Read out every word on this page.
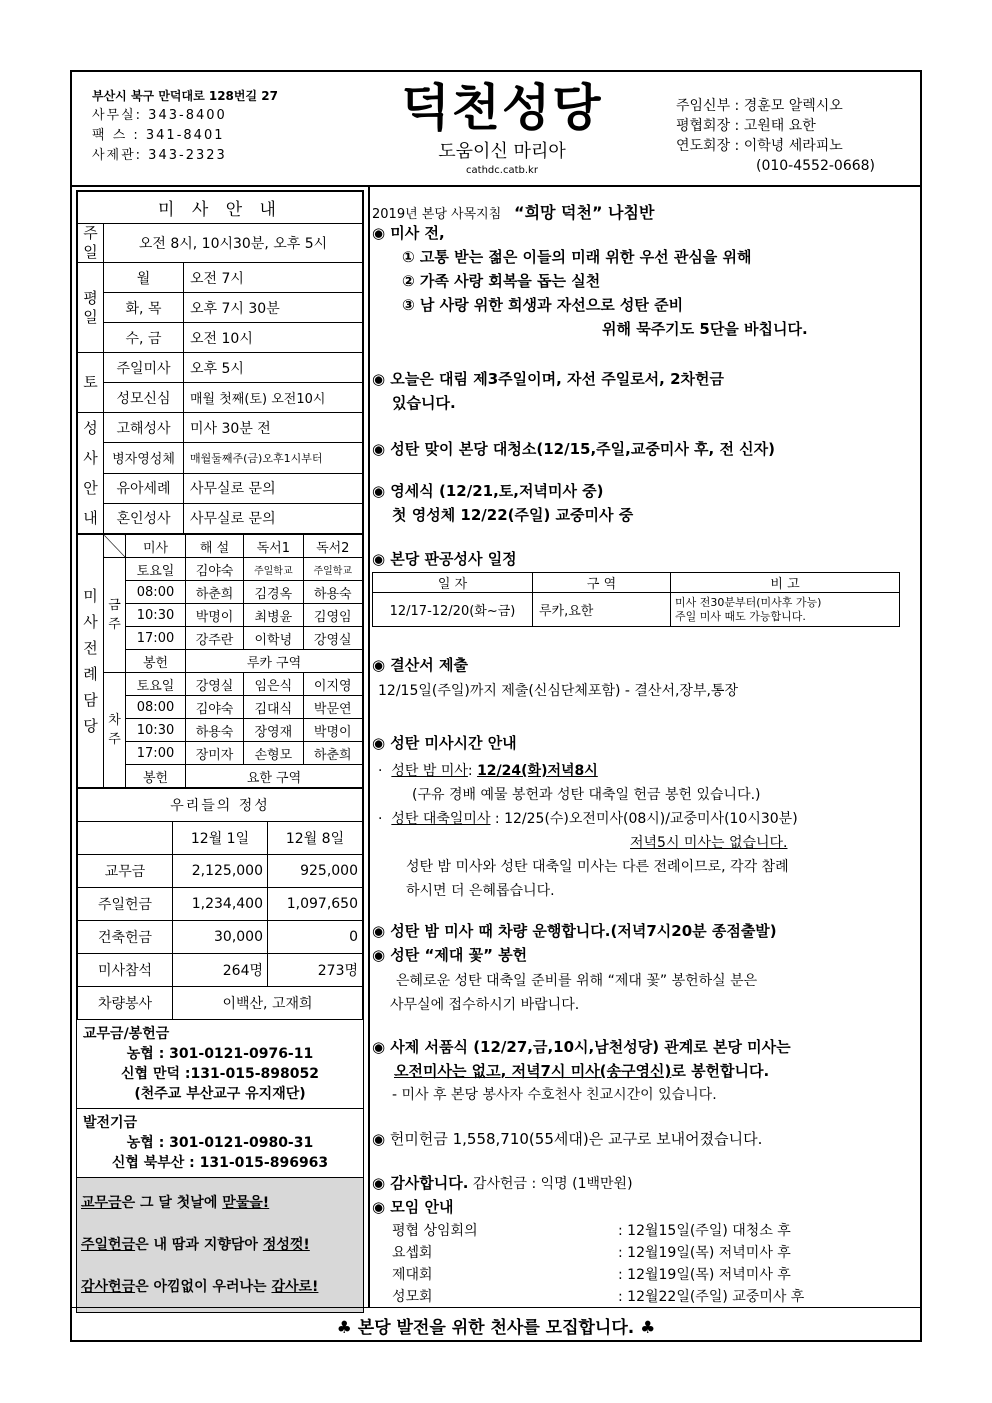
부산시 북구 만덕대로 128번길 27
사무실: 343-8400
팩 스 : 341-8401
사제관: 343-2323
덕천성당
도움이신 마리아
cathdc.catb.kr
주임신부 : 경훈모 알렉시오
평협회장 : 고원태 요한
연도회장 : 이학녕 세라피노
(010-4552-0668)
미 사 안 내		
주일	오전 8시, 10시30분, 오후 5시	
평일	월	오전 7시
	화, 목	오후 7시 30분
	수, 금	오전 10시
토	주일미사	오후 5시
	성모신심	매월 첫째(토) 오전10시
성사안내	고해성사	미사 30분 전
	병자영성체	매월둘째주(금)오후1시부터
	유아세례	사무실로 문의
	혼인성사	사무실로 문의
미사전례담당		미사	해 설	독서1	독서2
	금주	토요일	김야숙	주일학교	주일학교
		08:00	하춘희	김경옥	하용숙
		10:30	박명이	최병윤	김영임
		17:00	강주란	이학녕	강영실
		봉헌	루카 구역		
	차주	토요일	강영실	임은식	이지영
		08:00	김야숙	김대식	박문연
		10:30	하용숙	장영재	박명이
		17:00	장미자	손형모	하춘희
		봉헌	요한 구역		
우리들의 정성		
	12월 1일	12월 8일
교무금	2,125,000	925,000
주일헌금	1,234,400	1,097,650
건축헌금	30,000	0
미사참석	264명	273명
차량봉사	이백산, 고재희	
교무금/봉헌금
농협 : 301-0121-0976-11
신협 만덕 :131-015-898052
(천주교 부산교구 유지재단)
발전기금
농협 : 301-0121-0980-31
신협 북부산 : 131-015-896963
교무금은 그 달 첫날에 맏물을!
주일헌금은 내 땀과 지향담아 정성껏!
감사헌금은 아낌없이 우러나는 감사로!
2019년 본당 사목지침 “희망 덕천” 나침반
◉ 미사 전,
① 고통 받는 젊은 이들의 미래 위한 우선 관심을 위해
② 가족 사랑 회복을 돕는 실천
③ 남 사랑 위한 희생과 자선으로 성탄 준비
위해 묵주기도 5단을 바칩니다.
◉ 오늘은 대림 제3주일이며, 자선 주일로서, 2차헌금
있습니다.
◉ 성탄 맞이 본당 대청소(12/15,주일,교중미사 후, 전 신자)
◉ 영세식 (12/21,토,저녁미사 중)
첫 영성체 12/22(주일) 교중미사 중
◉ 본당 판공성사 일정
일 자	구 역	비 고
12/17-12/20(화~금)	루카,요한	미사 전30분부터(미사후 가능)
주일 미사 때도 가능합니다.
◉ 결산서 제출
12/15일(주일)까지 제출(신심단체포함) - 결산서,장부,통장
◉ 성탄 미사시간 안내
·  성탄 밤 미사: 12/24(화)저녁8시
(구유 경배 예물 봉헌과 성탄 대축일 헌금 봉헌 있습니다.)
·  성탄 대축일미사 : 12/25(수)오전미사(08시)/교중미사(10시30분)
저녁5시 미사는 없습니다.
성탄 밤 미사와 성탄 대축일 미사는 다른 전례이므로, 각각 참례
하시면 더 은혜롭습니다.
◉ 성탄 밤 미사 때 차량 운행합니다.(저녁7시20분 종점출발)
◉ 성탄 “제대 꽃” 봉헌
은혜로운 성탄 대축일 준비를 위해 “제대 꽃” 봉헌하실 분은
사무실에 접수하시기 바랍니다.
◉ 사제 서품식 (12/27,금,10시,남천성당) 관계로 본당 미사는
오전미사는 없고, 저녁7시 미사(송구영신)로 봉헌합니다.
- 미사 후 본당 봉사자 수호천사 친교시간이 있습니다.
◉ 헌미헌금 1,558,710(55세대)은 교구로 보내어졌습니다.
◉ 감사합니다. 감사헌금 : 익명 (1백만원)
◉ 모임 안내
평협 상임회의	: 12월15일(주일) 대청소 후
요셉회	: 12월19일(목) 저녁미사 후
제대회	: 12월19일(목) 저녁미사 후
성모회	: 12월22일(주일) 교중미사 후
♣ 본당 발전을 위한 천사를 모집합니다. ♣
